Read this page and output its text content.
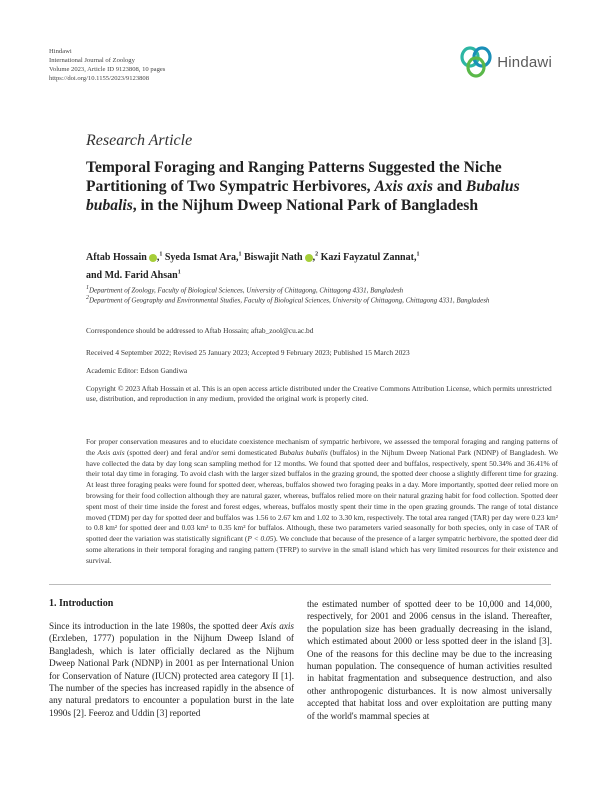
Hindawi
International Journal of Zoology
Volume 2023, Article ID 9123808, 10 pages
https://doi.org/10.1155/2023/9123808
Hindawi
Research Article
Temporal Foraging and Ranging Patterns Suggested the Niche Partitioning of Two Sympatric Herbivores, Axis axis and Bubalus bubalis, in the Nijhum Dweep National Park of Bangladesh
Aftab Hossain ,$^1$ Syeda Ismat Ara,$^1$ Biswajit Nath ,$^2$ Kazi Fayzatul Zannat,$^1$
and Md. Farid Ahsan$^1$
$^1$Department of Zoology, Faculty of Biological Sciences, University of Chittagong, Chittagong 4331, Bangladesh
$^2$Department of Geography and Environmental Studies, Faculty of Biological Sciences, University of Chittagong, Chittagong 4331, Bangladesh
Correspondence should be addressed to Aftab Hossain; aftab_zool@cu.ac.bd
Received 4 September 2022; Revised 25 January 2023; Accepted 9 February 2023; Published 15 March 2023
Academic Editor: Edson Gandiwa
Copyright © 2023 Aftab Hossain et al. This is an open access article distributed under the Creative Commons Attribution License, which permits unrestricted use, distribution, and reproduction in any medium, provided the original work is properly cited.
For proper conservation measures and to elucidate coexistence mechanism of sympatric herbivore, we assessed the temporal foraging and ranging patterns of the Axis axis (spotted deer) and feral and/or semi domesticated Bubalus bubalis (buffalos) in the Nijhum Dweep National Park (NDNP) of Bangladesh. We have collected the data by day long scan sampling method for 12 months. We found that spotted deer and buffalos, respectively, spent 50.34% and 36.41% of their total day time in foraging. To avoid clash with the larger sized buffalos in the grazing ground, the spotted deer choose a slightly different time for grazing. At least three foraging peaks were found for spotted deer, whereas, buffalos showed two foraging peaks in a day. More importantly, spotted deer relied more on browsing for their food collection although they are natural gazer, whereas, buffalos relied more on their natural grazing habit for food collection. Spotted deer spent most of their time inside the forest and forest edges, whereas, buffalos mostly spent their time in the open grazing grounds. The range of total distance moved (TDM) per day for spotted deer and buffalos was 1.56 to 2.67 km and 1.02 to 3.30 km, respectively. The total area ranged (TAR) per day were 0.23 km² to 0.8 km² for spotted deer and 0.03 km² to 0.35 km² for buffalos. Although, these two parameters varied seasonally for both species, only in case of TAR of spotted deer the variation was statistically significant (P < 0.05). We conclude that because of the presence of a larger sympatric herbivore, the spotted deer did some alterations in their temporal foraging and ranging pattern (TFRP) to survive in the small island which has very limited resources for their existence and survival.
1. Introduction
Since its introduction in the late 1980s, the spotted deer Axis axis (Erxleben, 1777) population in the Nijhum Dweep Island of Bangladesh, which is later officially declared as the Nijhum Dweep National Park (NDNP) in 2001 as per International Union for Conservation of Nature (IUCN) protected area category II [1]. The number of the species has increased rapidly in the absence of any natural predators to encounter a population burst in the late 1990s [2]. Feeroz and Uddin [3] reported
the estimated number of spotted deer to be 10,000 and 14,000, respectively, for 2001 and 2006 census in the island. Thereafter, the population size has been gradually decreasing in the island, which estimated about 2000 or less spotted deer in the island [3]. One of the reasons for this decline may be due to the increasing human population. The consequence of human activities resulted in habitat fragmentation and subsequence destruction, and also other anthropogenic disturbances. It is now almost universally accepted that habitat loss and over exploitation are putting many of the world's mammal species at
